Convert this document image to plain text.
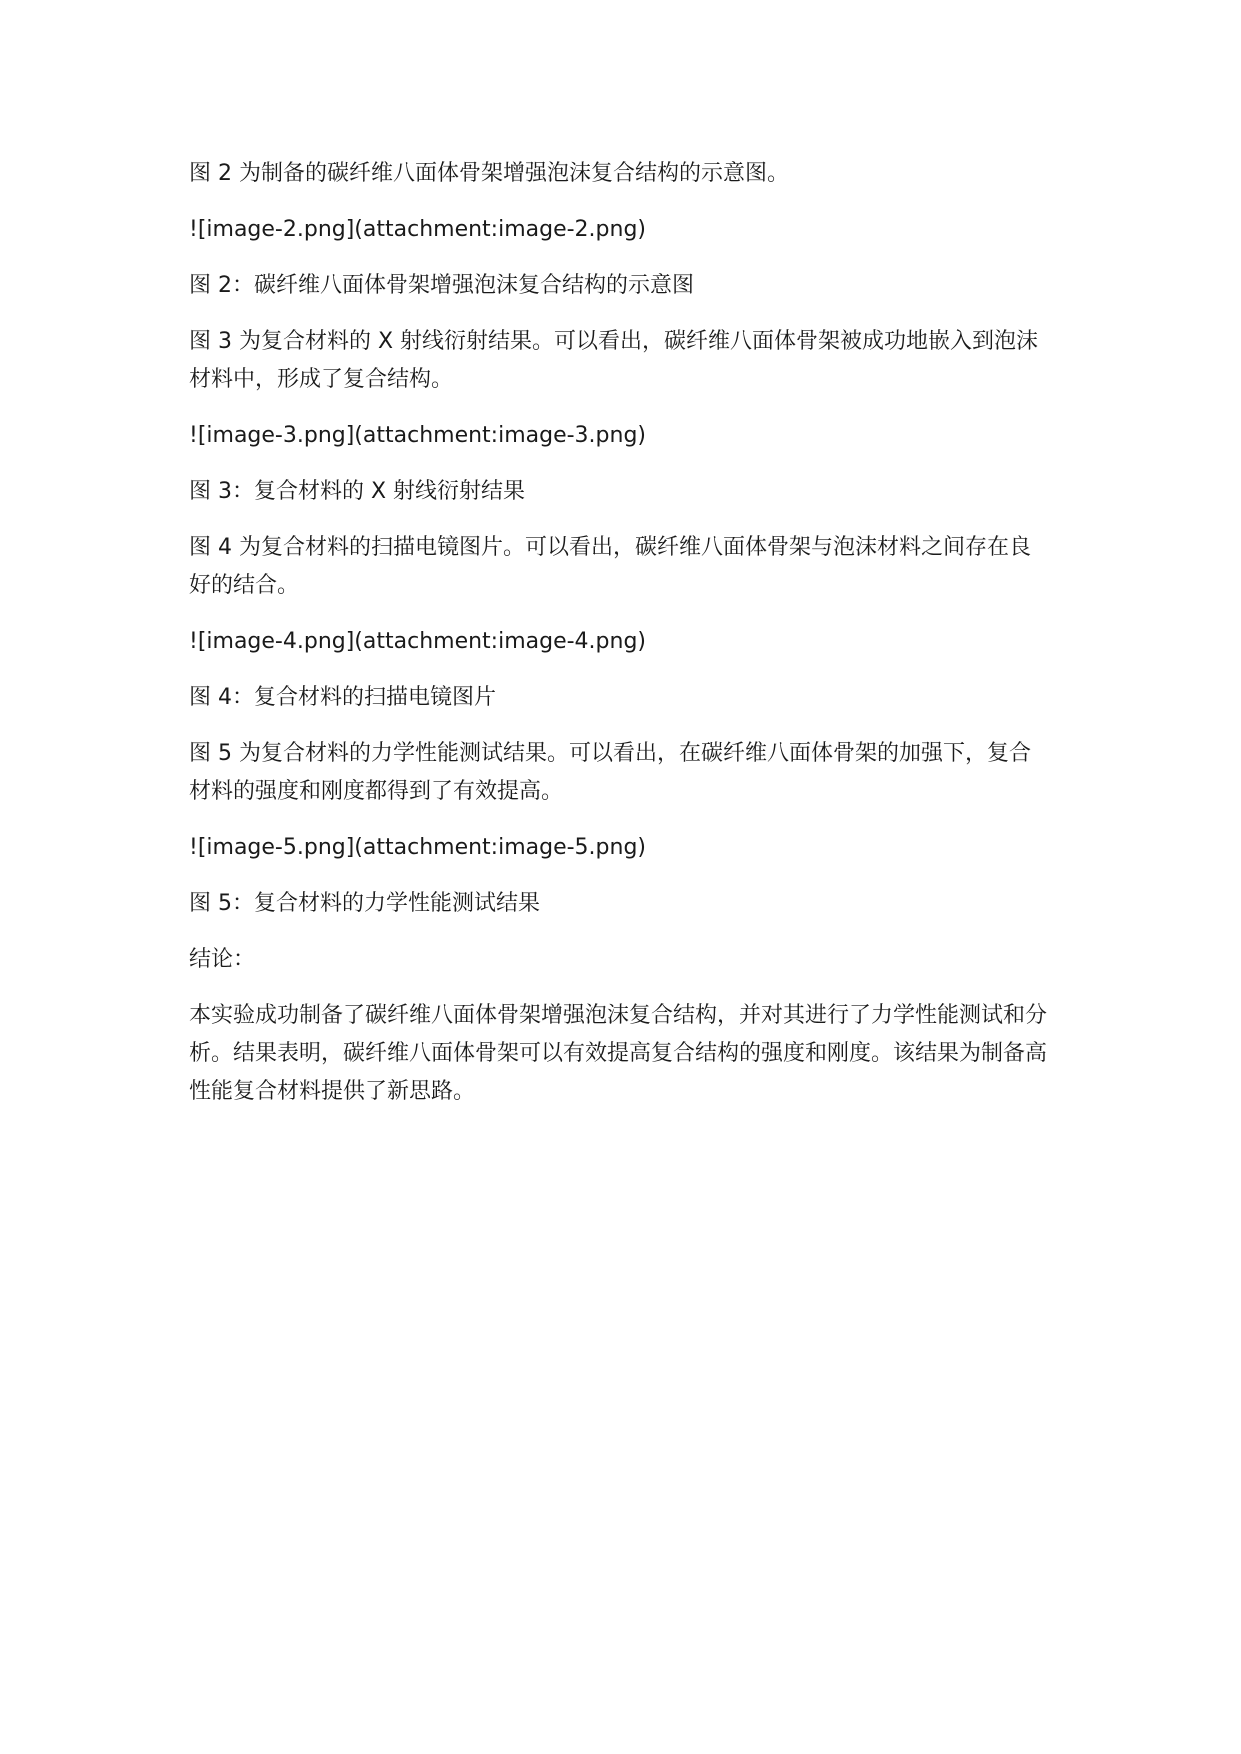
图 2 为制备的碳纤维八面体骨架增强泡沫复合结构的示意图。

![image-2.png](attachment:image-2.png)

图 2：碳纤维八面体骨架增强泡沫复合结构的示意图

图 3 为复合材料的 X 射线衍射结果。可以看出，碳纤维八面体骨架被成功地嵌入到泡沫材料中，形成了复合结构。

![image-3.png](attachment:image-3.png)

图 3：复合材料的 X 射线衍射结果

图 4 为复合材料的扫描电镜图片。可以看出，碳纤维八面体骨架与泡沫材料之间存在良好的结合。

![image-4.png](attachment:image-4.png)

图 4：复合材料的扫描电镜图片

图 5 为复合材料的力学性能测试结果。可以看出，在碳纤维八面体骨架的加强下，复合材料的强度和刚度都得到了有效提高。

![image-5.png](attachment:image-5.png)

图 5：复合材料的力学性能测试结果

结论：

本实验成功制备了碳纤维八面体骨架增强泡沫复合结构，并对其进行了力学性能测试和分析。结果表明，碳纤维八面体骨架可以有效提高复合结构的强度和刚度。该结果为制备高性能复合材料提供了新思路。
